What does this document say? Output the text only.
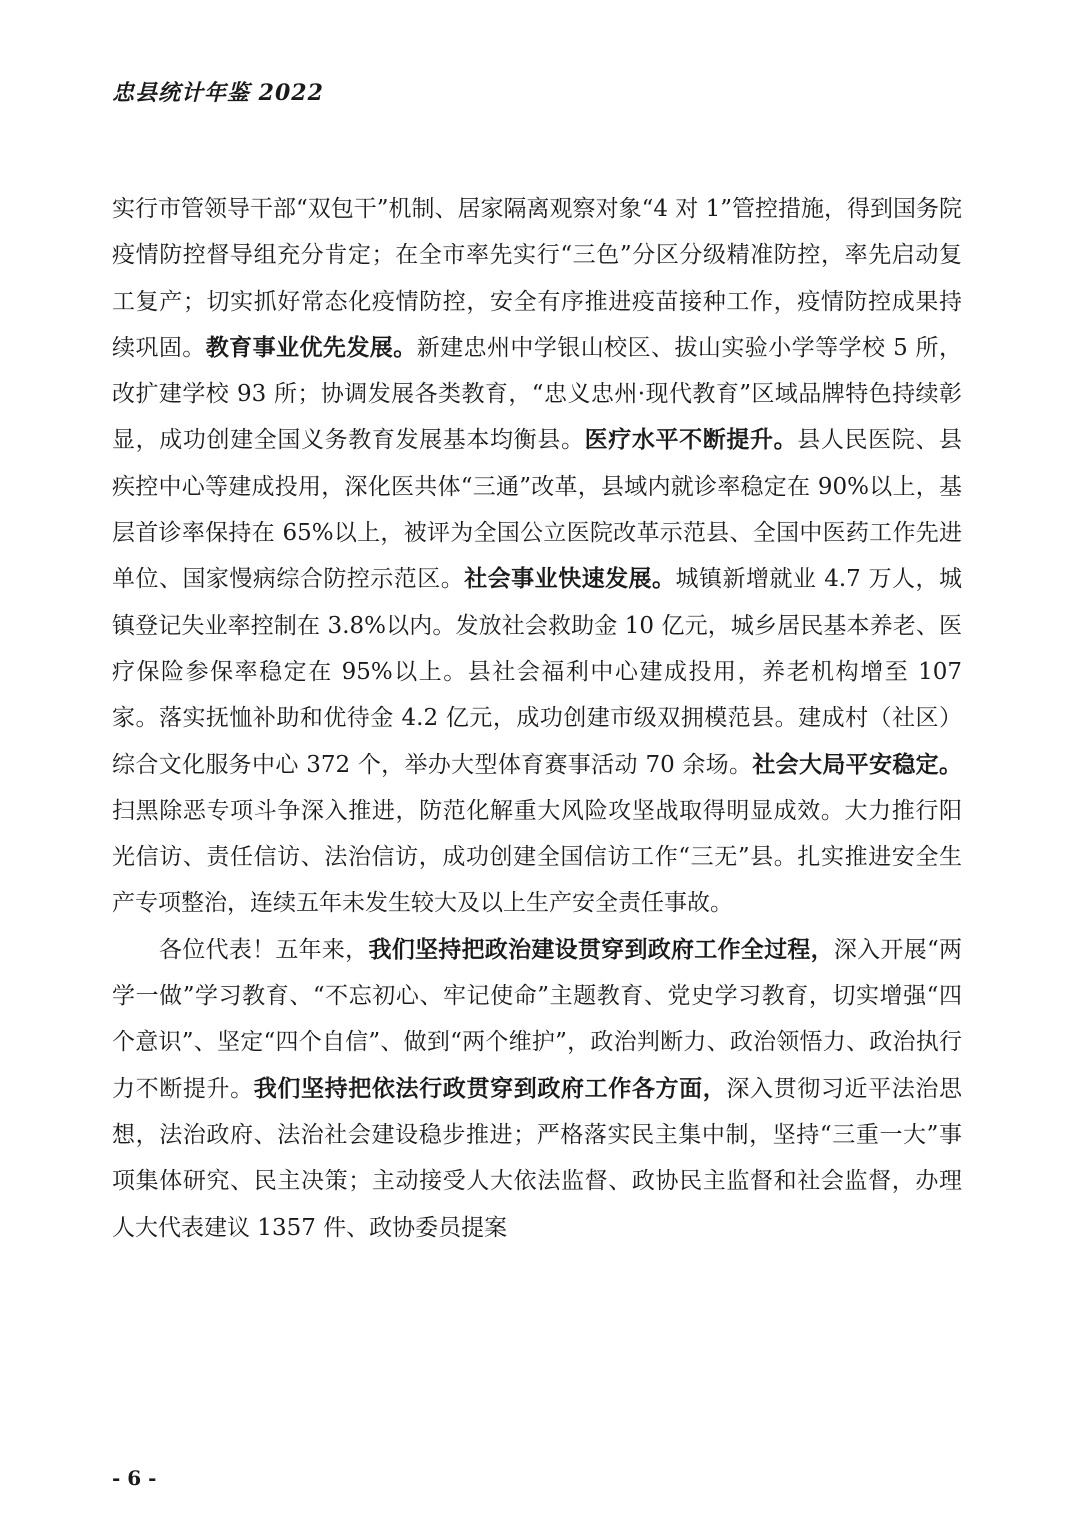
忠县统计年鉴 2022

实行市管领导干部“双包干”机制、居家隔离观察对象“4 对 1”管控措施，得到国务院疫情防控督导组充分肯定；在全市率先实行“三色”分区分级精准防控，率先启动复工复产；切实抓好常态化疫情防控，安全有序推进疫苗接种工作，疫情防控成果持续巩固。教育事业优先发展。新建忠州中学银山校区、拔山实验小学等学校 5 所，改扩建学校 93 所；协调发展各类教育，“忠义忠州·现代教育”区域品牌特色持续彰显，成功创建全国义务教育发展基本均衡县。医疗水平不断提升。县人民医院、县疾控中心等建成投用，深化医共体“三通”改革，县域内就诊率稳定在 90%以上，基层首诊率保持在 65%以上，被评为全国公立医院改革示范县、全国中医药工作先进单位、国家慢病综合防控示范区。社会事业快速发展。城镇新增就业 4.7 万人，城镇登记失业率控制在 3.8%以内。发放社会救助金 10 亿元，城乡居民基本养老、医疗保险参保率稳定在 95%以上。县社会福利中心建成投用，养老机构增至 107 家。落实抚恤补助和优待金 4.2 亿元，成功创建市级双拥模范县。建成村（社区）综合文化服务中心 372 个，举办大型体育赛事活动 70 余场。社会大局平安稳定。扫黑除恶专项斗争深入推进，防范化解重大风险攻坚战取得明显成效。大力推行阳光信访、责任信访、法治信访，成功创建全国信访工作“三无”县。扎实推进安全生产专项整治，连续五年未发生较大及以上生产安全责任事故。

各位代表！五年来，我们坚持把政治建设贯穿到政府工作全过程，深入开展“两学一做”学习教育、“不忘初心、牢记使命”主题教育、党史学习教育，切实增强“四个意识”、坚定“四个自信”、做到“两个维护”，政治判断力、政治领悟力、政治执行力不断提升。我们坚持把依法行政贯穿到政府工作各方面，深入贯彻习近平法治思想，法治政府、法治社会建设稳步推进；严格落实民主集中制，坚持“三重一大”事项集体研究、民主决策；主动接受人大依法监督、政协民主监督和社会监督，办理人大代表建议 1357 件、政协委员提案

- 6 -
